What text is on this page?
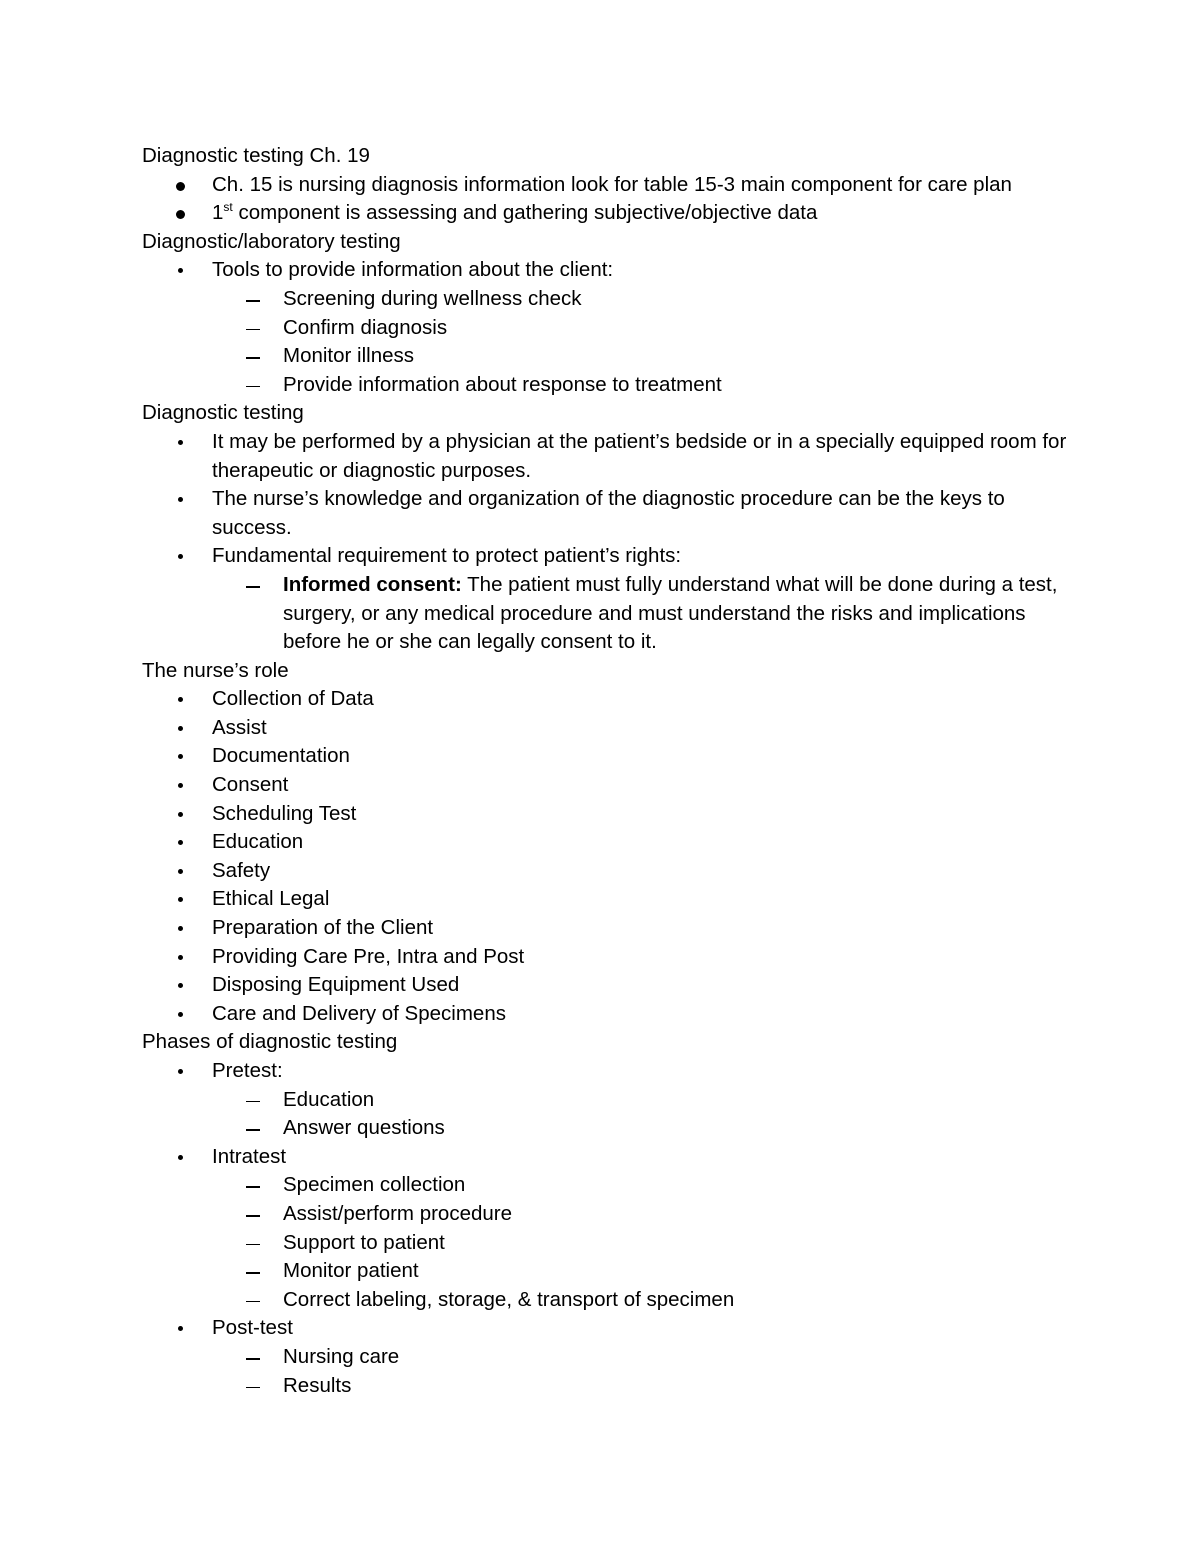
Diagnostic testing Ch. 19
Ch. 15 is nursing diagnosis information look for table 15-3 main component for care plan
1st component is assessing and gathering subjective/objective data
Diagnostic/laboratory testing
Tools to provide information about the client:
Screening during wellness check
Confirm diagnosis
Monitor illness
Provide information about response to treatment
Diagnostic testing
It may be performed by a physician at the patient’s bedside or in a specially equipped room for therapeutic or diagnostic purposes.
The nurse’s knowledge and organization of the diagnostic procedure can be the keys to success.
Fundamental requirement to protect patient’s rights:
Informed consent: The patient must fully understand what will be done during a test, surgery, or any medical procedure and must understand the risks and implications before he or she can legally consent to it.
The nurse’s role
Collection of Data
Assist
Documentation
Consent
Scheduling Test
Education
Safety
Ethical Legal
Preparation of the Client
Providing Care Pre, Intra and Post
Disposing Equipment Used
Care and Delivery of Specimens
Phases of diagnostic testing
Pretest:
Education
Answer questions
Intratest
Specimen collection
Assist/perform procedure
Support to patient
Monitor patient
Correct labeling, storage, & transport of specimen
Post-test
Nursing care
Results
